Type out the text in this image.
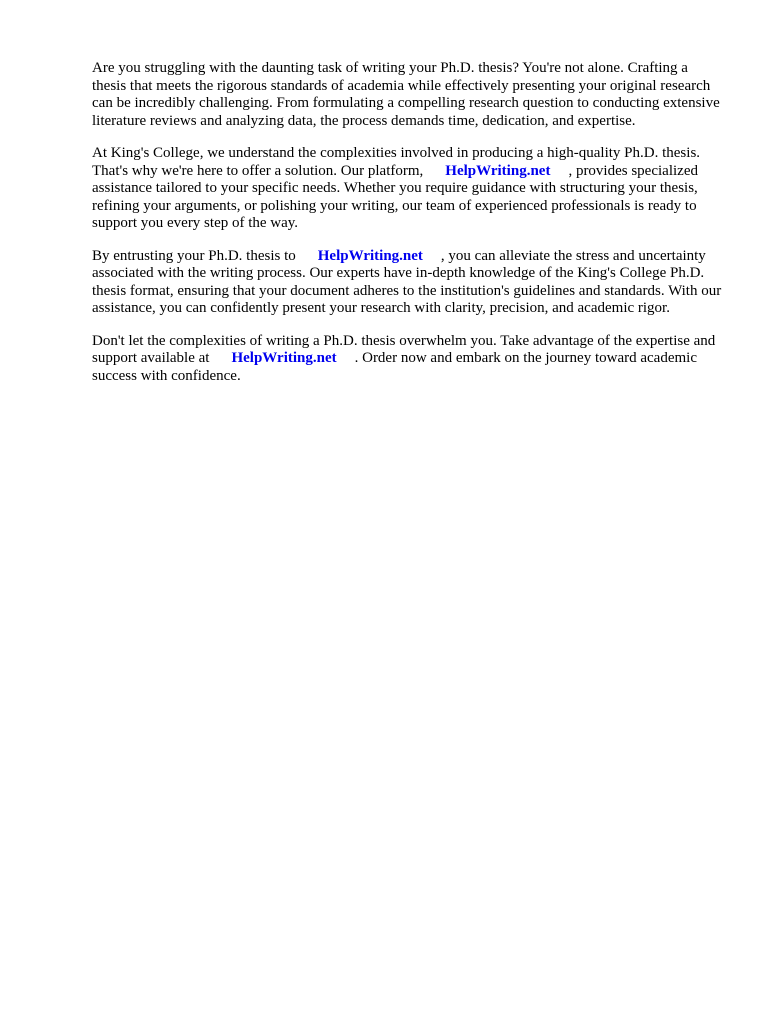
Are you struggling with the daunting task of writing your Ph.D. thesis? You're not alone. Crafting a thesis that meets the rigorous standards of academia while effectively presenting your original research can be incredibly challenging. From formulating a compelling research question to conducting extensive literature reviews and analyzing data, the process demands time, dedication, and expertise.

At King's College, we understand the complexities involved in producing a high-quality Ph.D. thesis. That's why we're here to offer a solution. Our platform, HelpWriting.net , provides specialized assistance tailored to your specific needs. Whether you require guidance with structuring your thesis, refining your arguments, or polishing your writing, our team of experienced professionals is ready to support you every step of the way.

By entrusting your Ph.D. thesis to HelpWriting.net , you can alleviate the stress and uncertainty associated with the writing process. Our experts have in-depth knowledge of the King's College Ph.D. thesis format, ensuring that your document adheres to the institution's guidelines and standards. With our assistance, you can confidently present your research with clarity, precision, and academic rigor.

Don't let the complexities of writing a Ph.D. thesis overwhelm you. Take advantage of the expertise and support available at HelpWriting.net . Order now and embark on the journey toward academic success with confidence.
